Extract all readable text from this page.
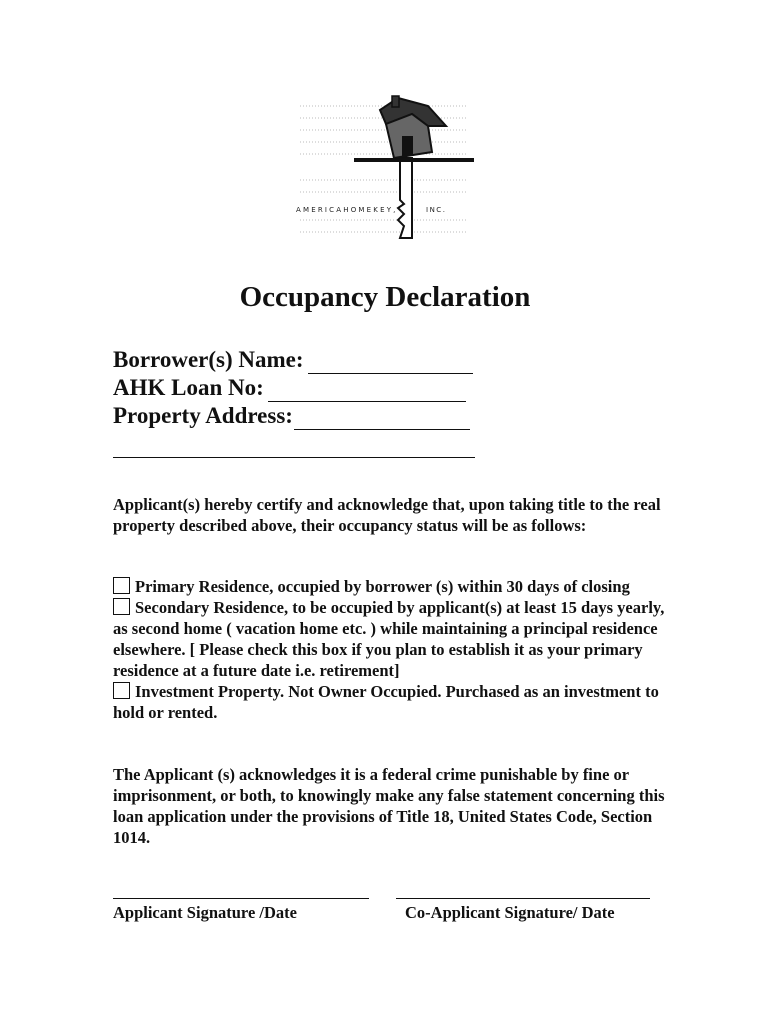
AMERICAHOMEKEY,	INC.
Occupancy Declaration
Borrower(s) Name:
AHK Loan No:
Property Address:

Applicant(s) hereby certify and acknowledge that, upon taking title to the real property described above, their occupancy status will be as follows:

Primary Residence, occupied by borrower (s) within 30 days of closing
Secondary Residence, to be occupied by applicant(s) at least 15 days yearly, as second home ( vacation home etc. ) while maintaining a principal residence elsewhere. [ Please check this box if you plan to establish it as your primary residence at a future date i.e. retirement]
Investment Property. Not Owner Occupied. Purchased as an investment to hold or rented.

The Applicant (s) acknowledges it is a federal crime punishable by fine or imprisonment, or both, to knowingly make any false statement concerning this loan application under the provisions of Title 18, United States Code, Section 1014.

Applicant Signature /Date	Co-Applicant Signature/ Date
